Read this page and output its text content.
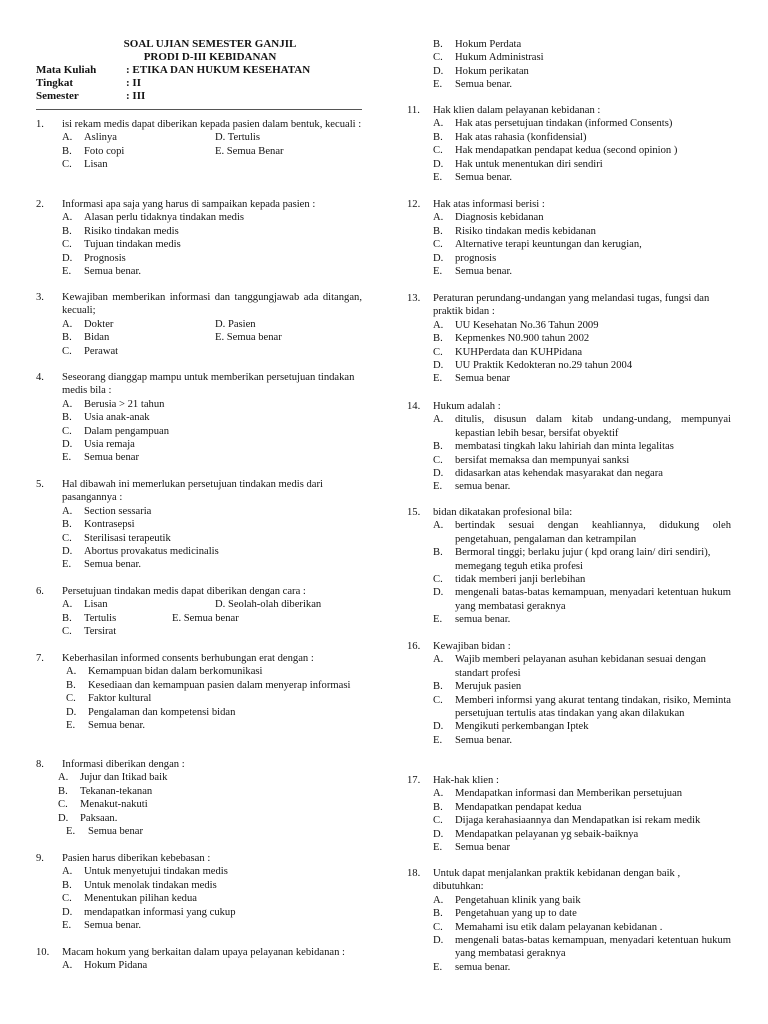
SOAL UJIAN SEMESTER GANJIL
PRODI D-III KEBIDANAN
Mata Kuliah	: ETIKA DAN HUKUM KESEHATAN
Tingkat	: II
Semester	: III
1. isi rekam medis dapat diberikan kepada pasien dalam bentuk, kecuali :
A.	Aslinya	D. Tertulis
B.	Foto copi	E. Semua Benar
C.	Lisan
2. Informasi apa saja yang harus di sampaikan kepada pasien :
A.	Alasan perlu tidaknya tindakan medis
B.	Risiko tindakan medis
C.	Tujuan tindakan medis
D.	Prognosis
E.	Semua benar.
3. Kewajiban memberikan informasi dan tanggungjawab ada ditangan, kecuali;
A.	Dokter	D. Pasien
B.	Bidan	E. Semua benar
C.	Perawat
4. Seseorang dianggap mampu untuk memberikan persetujuan tindakan medis bila :
A.	Berusia > 21 tahun
B.	Usia anak-anak
C.	Dalam pengampuan
D.	Usia remaja
E.	Semua benar
5. Hal dibawah ini memerlukan persetujuan tindakan medis dari pasangannya :
A.	Section sessaria
B.	Kontrasepsi
C.	Sterilisasi terapeutik
D.	Abortus provakatus medicinalis
E.	Semua benar.
6. Persetujuan tindakan medis dapat diberikan dengan cara :
A.	Lisan	D. Seolah-olah diberikan
B.	Tertulis	E. Semua benar
C.	Tersirat
7. Keberhasilan informed consents berhubungan erat dengan :
A.	Kemampuan bidan dalam berkomunikasi
B.	Kesediaan dan kemampuan pasien dalam menyerap informasi
C.	Faktor kultural
D.	Pengalaman dan kompetensi bidan
E.	Semua benar.
8. Informasi diberikan dengan :
A.	Jujur dan Itikad baik
B.	Tekanan-tekanan
C.	Menakut-nakuti
D.	Paksaan.
E.	Semua benar
9. Pasien harus diberikan kebebasan :
A.	Untuk menyetujui tindakan medis
B.	Untuk menolak tindakan medis
C.	Menentukan pilihan kedua
D.	mendapatkan informasi yang cukup
E.	Semua benar.
10. Macam hokum yang berkaitan dalam upaya pelayanan kebidanan :
A.	Hokum Pidana
B.	Hokum Perdata
C.	Hukum Administrasi
D.	Hokum perikatan
E.	Semua benar.
11. Hak klien dalam pelayanan kebidanan :
A.	Hak atas persetujuan tindakan (informed Consents)
B.	Hak atas rahasia (konfidensial)
C.	Hak mendapatkan pendapat kedua (second opinion )
D.	Hak untuk menentukan diri sendiri
E.	Semua benar.
12. Hak atas informasi berisi :
A.	Diagnosis kebidanan
B.	Risiko tindakan medis kebidanan
C.	Alternative terapi keuntungan dan kerugian,
D.	prognosis
E.	Semua benar.
13. Peraturan perundang-undangan yang melandasi tugas, fungsi dan praktik bidan :
A.	UU Kesehatan No.36 Tahun 2009
B.	Kepmenkes N0.900 tahun 2002
C.	KUHPerdata dan KUHPidana
D.	UU Praktik Kedokteran no.29 tahun 2004
E.	Semua benar
14. Hukum adalah :
A.	ditulis, disusun dalam kitab undang-undang, mempunyai kepastian lebih besar, bersifat obyektif
B.	membatasi tingkah laku lahiriah dan minta legalitas
C.	bersifat memaksa dan mempunyai sanksi
D.	didasarkan atas kehendak masyarakat dan negara
E.	semua benar.
15. bidan dikatakan profesional bila:
A.	bertindak sesuai dengan keahliannya, didukung oleh pengetahuan, pengalaman dan ketrampilan
B.	Bermoral tinggi; berlaku jujur ( kpd orang lain/ diri sendiri), memegang teguh etika profesi
C.	tidak memberi janji berlebihan
D.	mengenali batas-batas kemampuan, menyadari ketentuan hukum yang membatasi geraknya
E.	semua benar.
16. Kewajiban bidan :
A.	Wajib memberi pelayanan asuhan kebidanan sesuai dengan standart profesi
B.	Merujuk pasien
C.	Memberi informsi yang akurat tentang tindakan, risiko, Meminta persetujuan tertulis atas tindakan yang akan dilakukan
D.	Mengikuti perkembangan Iptek
E.	Semua benar.
17. Hak-hak klien :
A.	Mendapatkan informasi dan Memberikan persetujuan
B.	Mendapatkan pendapat kedua
C.	Dijaga kerahasiaannya dan Mendapatkan isi rekam medik
D.	Mendapatkan pelayanan yg sebaik-baiknya
E.	Semua benar
18. Untuk dapat menjalankan praktik kebidanan dengan baik , dibutuhkan:
A.	Pengetahuan klinik yang baik
B.	Pengetahuan yang up to date
C.	Memahami isu etik dalam pelayanan kebidanan .
D.	mengenali batas-batas kemampuan, menyadari ketentuan hukum yang membatasi geraknya
E.	semua benar.
